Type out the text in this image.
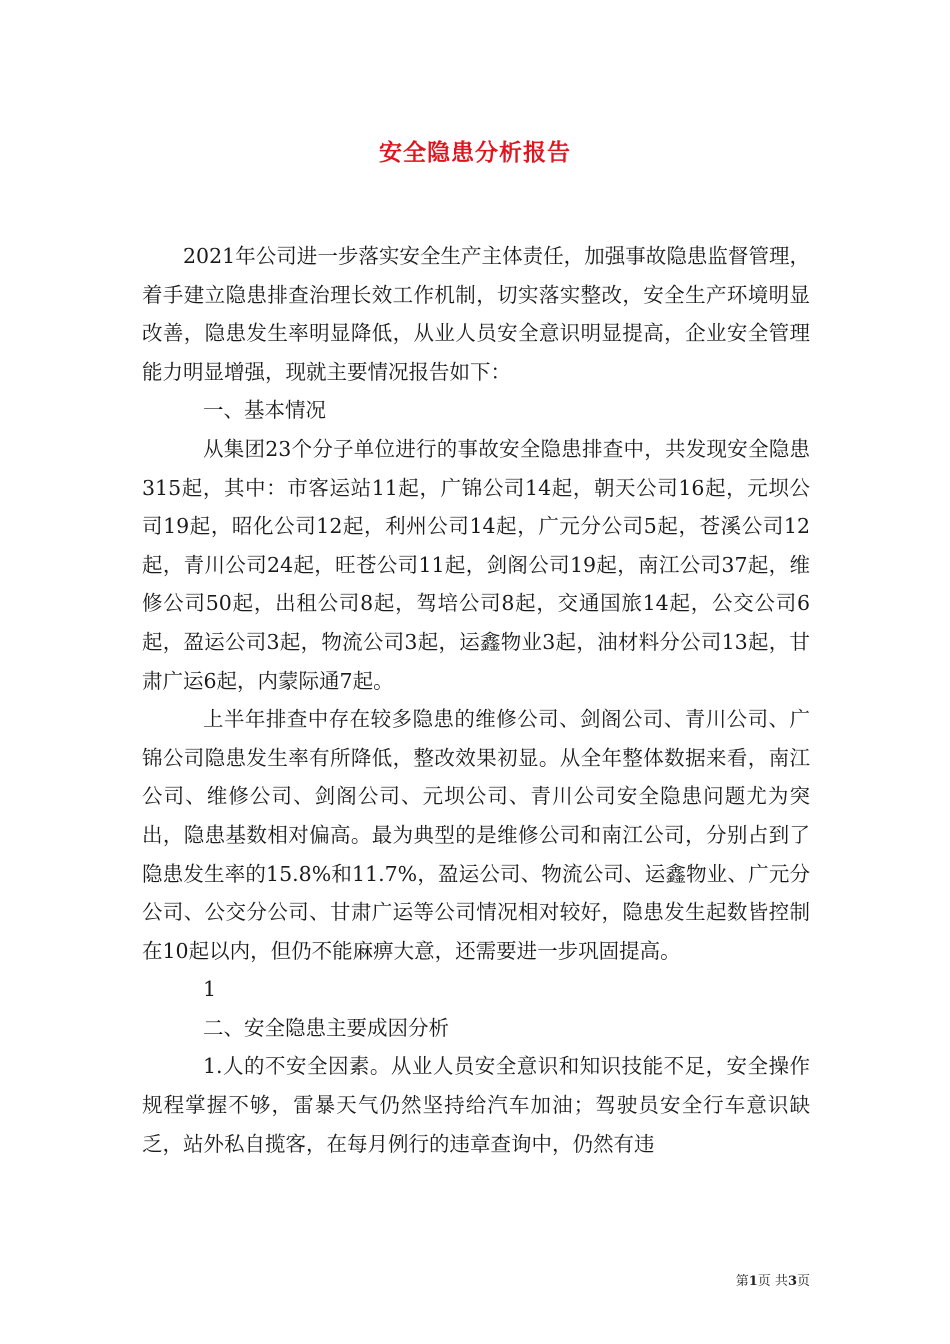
安全隐患分析报告

2021年公司进一步落实安全生产主体责任，加强事故隐患监督管理，着手建立隐患排查治理长效工作机制，切实落实整改，安全生产环境明显改善，隐患发生率明显降低，从业人员安全意识明显提高，企业安全管理能力明显增强，现就主要情况报告如下：

一、基本情况

从集团23个分子单位进行的事故安全隐患排查中，共发现安全隐患315起，其中：市客运站11起，广锦公司14起，朝天公司16起，元坝公司19起，昭化公司12起，利州公司14起，广元分公司5起，苍溪公司12起，青川公司24起，旺苍公司11起，剑阁公司19起，南江公司37起，维修公司50起，出租公司8起，驾培公司8起，交通国旅14起，公交公司6起，盈运公司3起，物流公司3起，运鑫物业3起，油材料分公司13起，甘肃广运6起，内蒙际通7起。

上半年排查中存在较多隐患的维修公司、剑阁公司、青川公司、广锦公司隐患发生率有所降低，整改效果初显。从全年整体数据来看，南江公司、维修公司、剑阁公司、元坝公司、青川公司安全隐患问题尤为突出，隐患基数相对偏高。最为典型的是维修公司和南江公司，分别占到了隐患发生率的15.8%和11.7%，盈运公司、物流公司、运鑫物业、广元分公司、公交分公司、甘肃广运等公司情况相对较好，隐患发生起数皆控制在10起以内，但仍不能麻痹大意，还需要进一步巩固提高。

1

二、安全隐患主要成因分析

1.人的不安全因素。从业人员安全意识和知识技能不足，安全操作规程掌握不够，雷暴天气仍然坚持给汽车加油；驾驶员安全行车意识缺乏，站外私自揽客，在每月例行的违章查询中，仍然有违

第1页 共3页
